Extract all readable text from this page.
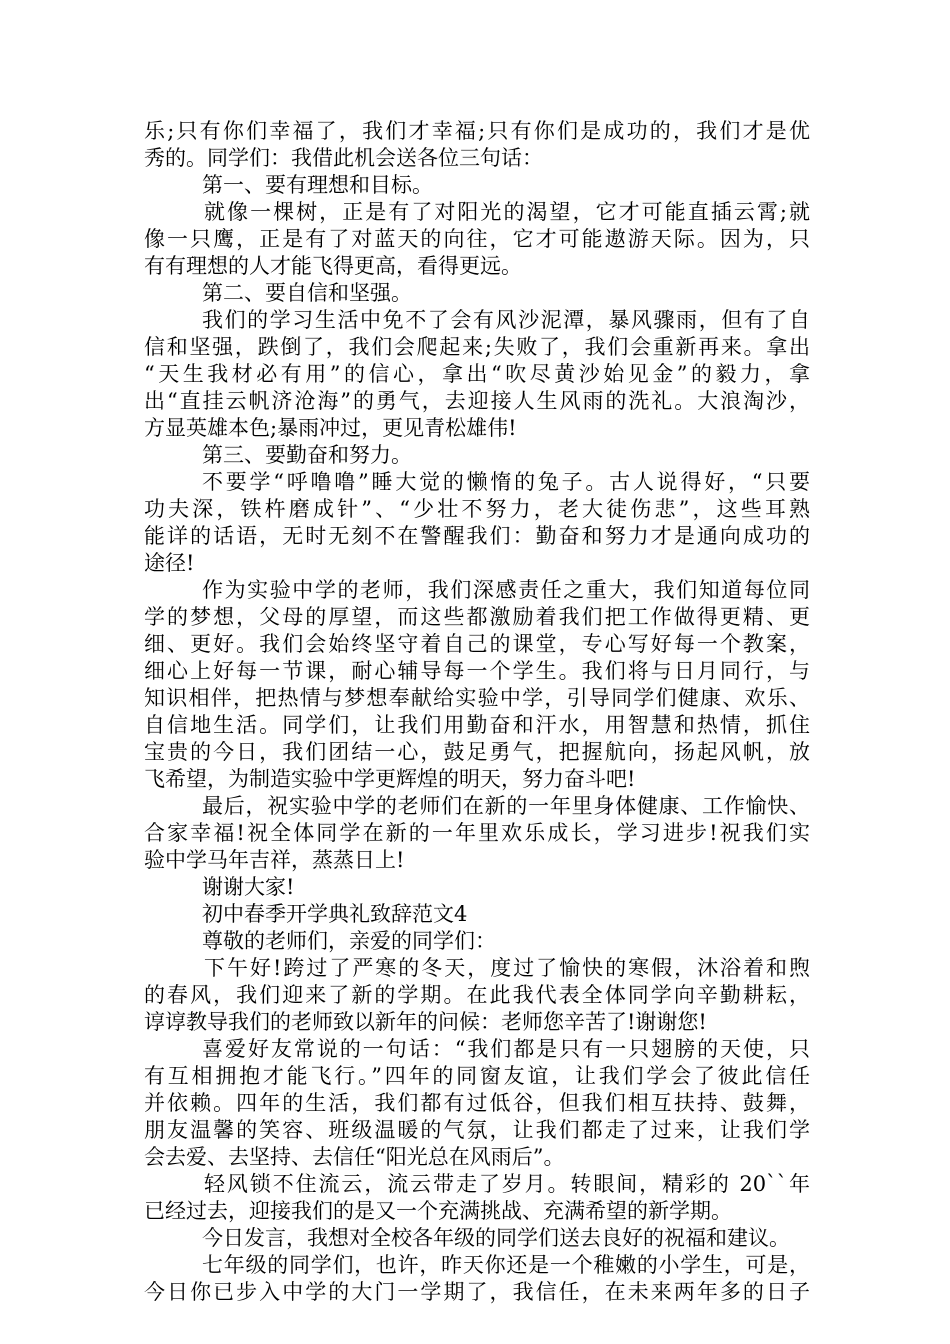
乐;只有你们幸福了，我们才幸福;只有你们是成功的，我们才是优
秀的。同学们：我借此机会送各位三句话：
第一、要有理想和目标。
就像一棵树，正是有了对阳光的渴望，它才可能直插云霄;就
像一只鹰，正是有了对蓝天的向往，它才可能遨游天际。因为，只
有有理想的人才能飞得更高，看得更远。
第二、要自信和坚强。
我们的学习生活中免不了会有风沙泥潭，暴风骤雨，但有了自
信和坚强，跌倒了，我们会爬起来;失败了，我们会重新再来。拿出
“天生我材必有用”的信心，拿出“吹尽黄沙始见金”的毅力，拿
出“直挂云帆济沧海”的勇气，去迎接人生风雨的洗礼。大浪淘沙，
方显英雄本色;暴雨冲过，更见青松雄伟!
第三、要勤奋和努力。
不要学“呼噜噜”睡大觉的懒惰的兔子。古人说得好，“只要
功夫深，铁杵磨成针”、“少壮不努力，老大徒伤悲”，这些耳熟
能详的话语，无时无刻不在警醒我们：勤奋和努力才是通向成功的
途径!
作为实验中学的老师，我们深感责任之重大，我们知道每位同
学的梦想，父母的厚望，而这些都激励着我们把工作做得更精、更
细、更好。我们会始终坚守着自己的课堂，专心写好每一个教案，
细心上好每一节课，耐心辅导每一个学生。我们将与日月同行，与
知识相伴，把热情与梦想奉献给实验中学，引导同学们健康、欢乐、
自信地生活。同学们，让我们用勤奋和汗水，用智慧和热情，抓住
宝贵的今日，我们团结一心，鼓足勇气，把握航向，扬起风帆，放
飞希望，为制造实验中学更辉煌的明天，努力奋斗吧!
最后，祝实验中学的老师们在新的一年里身体健康、工作愉快、
合家幸福!祝全体同学在新的一年里欢乐成长，学习进步!祝我们实
验中学马年吉祥，蒸蒸日上!
谢谢大家!
初中春季开学典礼致辞范文4
尊敬的老师们，亲爱的同学们：
下午好!跨过了严寒的冬天，度过了愉快的寒假，沐浴着和煦
的春风，我们迎来了新的学期。在此我代表全体同学向辛勤耕耘，
谆谆教导我们的老师致以新年的问候：老师您辛苦了!谢谢您!
喜爱好友常说的一句话：“我们都是只有一只翅膀的天使，只
有互相拥抱才能飞行。”四年的同窗友谊，让我们学会了彼此信任
并依赖。四年的生活，我们都有过低谷，但我们相互扶持、鼓舞，
朋友温馨的笑容、班级温暖的气氛，让我们都走了过来，让我们学
会去爱、去坚持、去信任“阳光总在风雨后”。
轻风锁不住流云，流云带走了岁月。转眼间，精彩的 20``年
已经过去，迎接我们的是又一个充满挑战、充满希望的新学期。
今日发言，我想对全校各年级的同学们送去良好的祝福和建议。
七年级的同学们，也许，昨天你还是一个稚嫩的小学生，可是，
今日你已步入中学的大门一学期了，我信任，在未来两年多的日子
